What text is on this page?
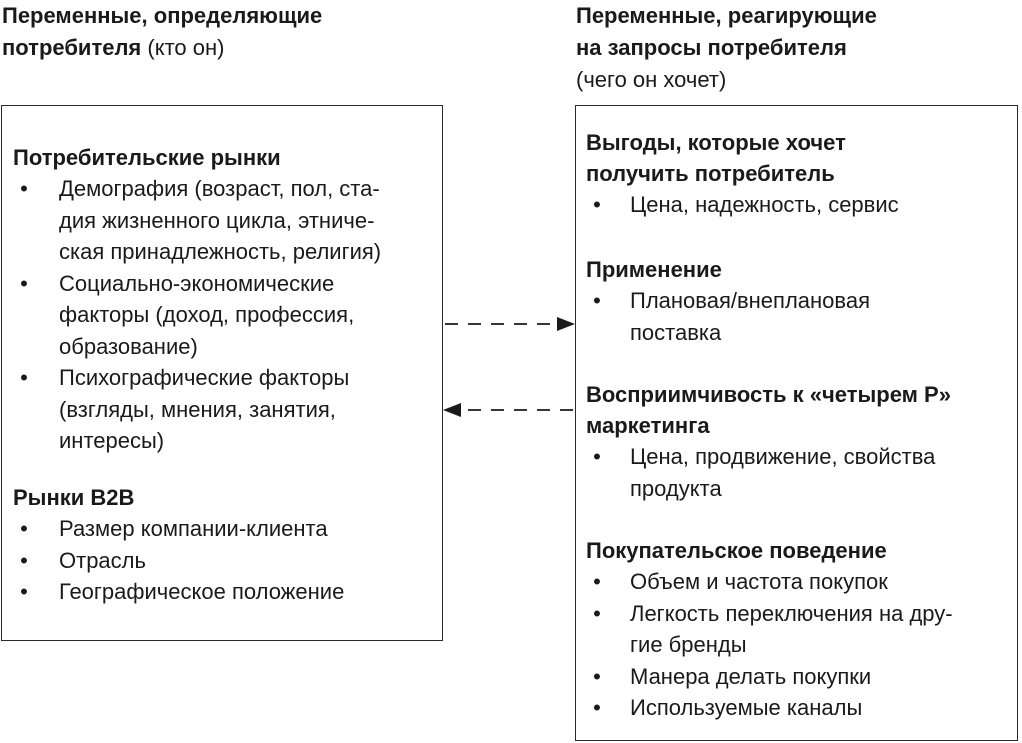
Переменные, определяющие
потребителя (кто он)
Переменные, реагирующие
на запросы потребителя
(чего он хочет)

Потребительские рынки

• Демография (возраст, пол, ста-
дия жизненного цикла, этниче-
ская принадлежность, религия)
• Социально-экономические
факторы (доход, профессия,
образование)
• Психографические факторы
(взгляды, мнения, занятия,
интересы)

Рынки B2B

• Размер компании-клиента
• Отрасль
• Географическое положение

Выгоды, которые хочет
получить потребитель

• Цена, надежность, сервис

Применение

• Плановая/внеплановая
поставка

Восприимчивость к «четырем P»
маркетинга

• Цена, продвижение, свойства
продукта

Покупательское поведение

• Объем и частота покупок
• Легкость переключения на дру-
гие бренды
• Манера делать покупки
• Используемые каналы
